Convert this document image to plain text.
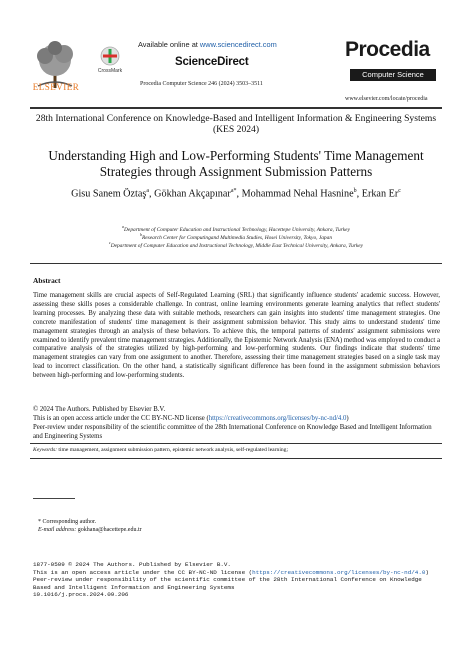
ELSEVIER
CrossMark
Available online at www.sciencedirect.com
ScienceDirect
Procedia Computer Science 246 (2024) 3503–3511
Procedia
Computer Science
www.elsevier.com/locate/procedia
28th International Conference on Knowledge-Based and Intelligent Information & Engineering Systems (KES 2024)
Understanding High and Low-Performing Students' Time Management Strategies through Assignment Submission Patterns
Gisu Sanem Öztaş$^a$, Gökhan Akçapınar$^{a*}$, Mohammad Nehal Hasnine$^b$, Erkan Er$^c$
$^a$Department of Computer Education and Instructional Technology, Hacettepe University, Ankara, Turkey
$^b$Research Center for Computingand Multimedia Studies, Hosei University, Tokyo, Japan
$^c$Department of Computer Education and Instructional Technology, Middle East Technical University, Ankara, Turkey
Abstract
Time management skills are crucial aspects of Self-Regulated Learning (SRL) that significantly influence students' academic success. However, assessing these skills poses a considerable challenge. In contrast, online learning environments generate learning analytics that reflect students' learning processes. By analyzing these data with suitable methods, researchers can gain insights into students' time management strategies. One concrete manifestation of students' time management is their assignment submission behavior. This study aims to understand students' time management strategies through an analysis of these behaviors. To achieve this, the temporal patterns of students' assignment submissions were examined to identify prevalent time management strategies. Additionally, the Epistemic Network Analysis (ENA) method was employed to conduct a comparative analysis of the strategies utilized by high-performing and low-performing students. Our findings indicate that students' time management strategies can vary from one assignment to another. Therefore, assessing their time management strategies based on a single task may lead to incorrect classification. On the other hand, a statistically significant difference has been found in the assignment submission behaviors between high-performing and low-performing students.
© 2024 The Authors. Published by Elsevier B.V.
This is an open access article under the CC BY-NC-ND license (https://creativecommons.org/licenses/by-nc-nd/4.0)
Peer-review under responsibility of the scientific committee of the 28th International Conference on Knowledge Based and Intelligent Information and Engineering Systems
Keywords: time management, assignment submission pattern, epistemic network analysis, self-regulated learning;
* Corresponding author.
E-mail address: gokhana@hacettepe.edu.tr
1877-0509 © 2024 The Authors. Published by Elsevier B.V.
This is an open access article under the CC BY-NC-ND license (https://creativecommons.org/licenses/by-nc-nd/4.0)
Peer-review under responsibility of the scientific committee of the 28th International Conference on Knowledge Based and Intelligent Information and Engineering Systems
10.1016/j.procs.2024.09.206
